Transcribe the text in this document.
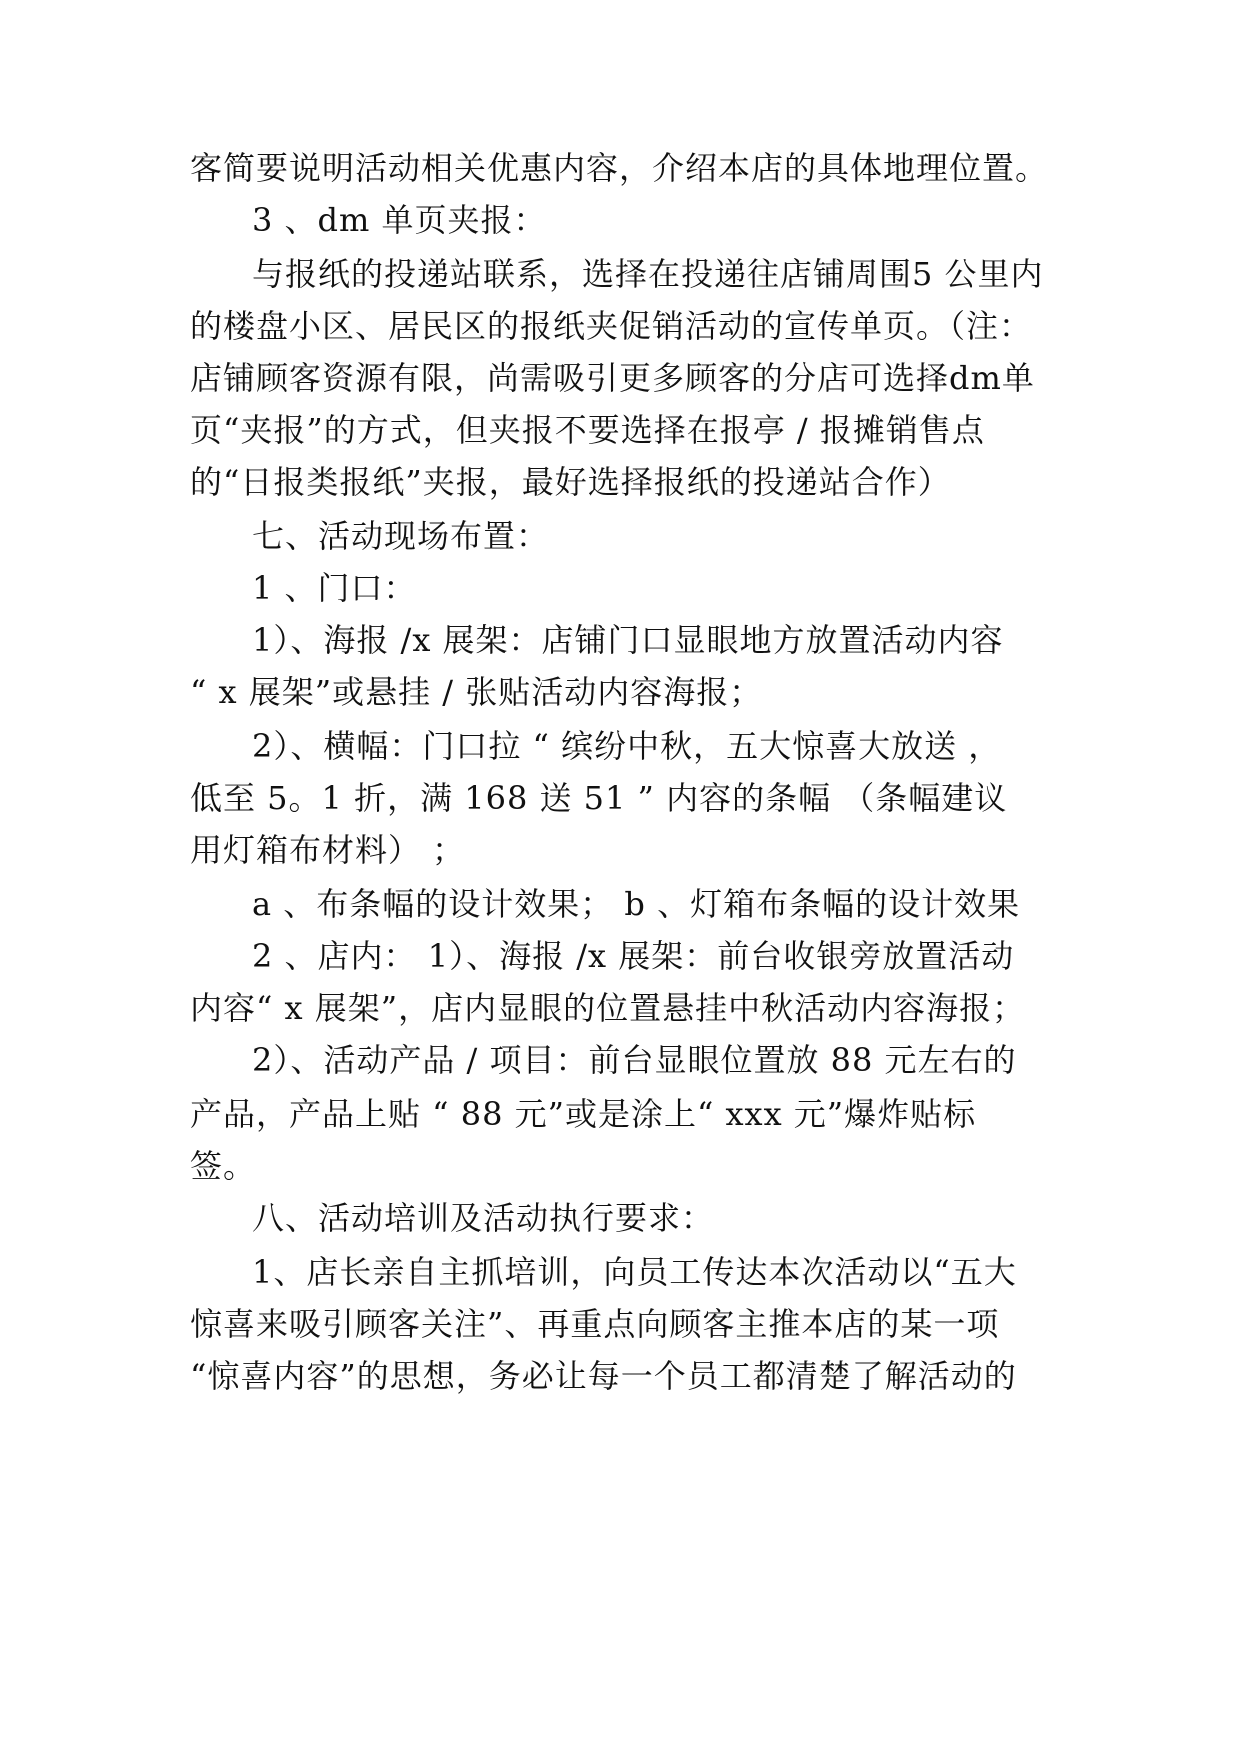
客简要说明活动相关优惠内容，介绍本店的具体地理位置。
3 、dm 单页夹报：
与报纸的投递站联系，选择在投递往店铺周围5 公里内
的楼盘小区、居民区的报纸夹促销活动的宣传单页。（注：
店铺顾客资源有限，尚需吸引更多顾客的分店可选择dm单
页“夹报”的方式，但夹报不要选择在报亭 / 报摊销售点
的“日报类报纸”夹报，最好选择报纸的投递站合作）
七、活动现场布置：
1 、门口：
1）、海报 /x 展架：店铺门口显眼地方放置活动内容
“ x 展架”或悬挂 / 张贴活动内容海报；
2）、横幅：门口拉 “ 缤纷中秋，五大惊喜大放送 ，
低至 5。1 折，满 168 送 51 ” 内容的条幅 （条幅建议
用灯箱布材料） ；
a 、布条幅的设计效果； b 、灯箱布条幅的设计效果
2 、店内： 1）、海报 /x 展架：前台收银旁放置活动
内容“ x 展架”，店内显眼的位置悬挂中秋活动内容海报；
2）、活动产品 / 项目：前台显眼位置放 88 元左右的
产品，产品上贴 “ 88 元”或是涂上“ xxx 元”爆炸贴标
签。
八、活动培训及活动执行要求：
1、店长亲自主抓培训，向员工传达本次活动以“五大
惊喜来吸引顾客关注”、再重点向顾客主推本店的某一项
“惊喜内容”的思想，务必让每一个员工都清楚了解活动的
